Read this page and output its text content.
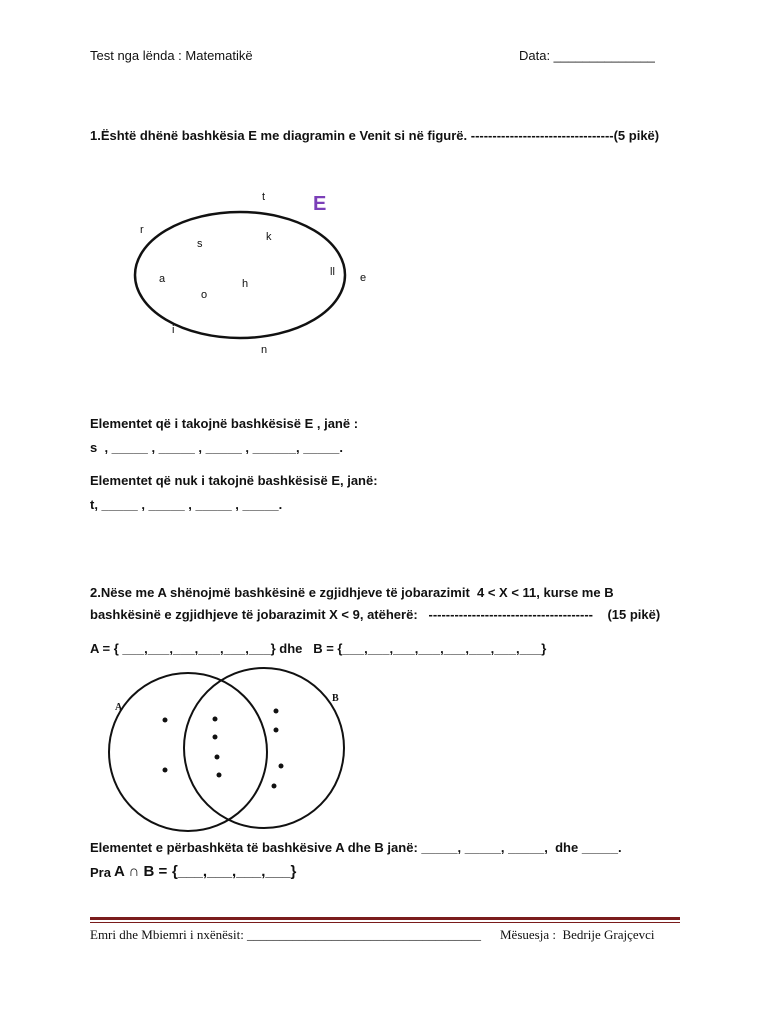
Test nga lënda : Matematikë	Data: ______________
1.Është dhënë bashkësia E me diagramin e Venit si në figurë. ---------------------------------(5 pikë)
E
t
r
s
k
ll e
a	h
o
i
n
Elementet që i takojnë bashkësisë E , janë :
s  , _____ , _____ , _____ , ______, _____.
Elementet që nuk i takojnë bashkësisë E, janë:
t, _____ , _____ , _____ , _____.
2.Nëse me A shënojmë bashkësinë e zgjidhjeve të jobarazimit  4 < X < 11, kurse me B
bashkësinë e zgjidhjeve të jobarazimit X < 9, atëherë:   --------------------------------------    (15 pikë)
A = { ___,___,___,___,___,___} dhe   B = {___,___,___,___,___,___,___,___}
A
B
Elementet e përbashkëta të bashkësive A dhe B janë: _____, _____, _____,  dhe _____.
Pra A ∩ B = {___,___,___,___}
Emri dhe Mbiemri i nxënësit: ____________________________________ Mësuesja :  Bedrije Grajçevci
